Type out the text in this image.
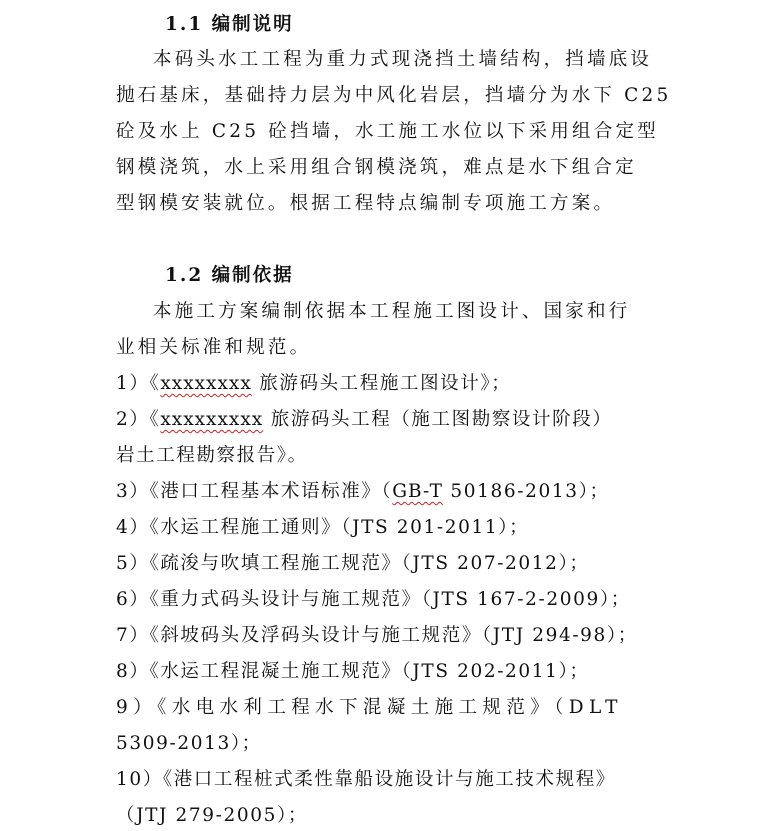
1.1 编制说明
本码头水工工程为重力式现浇挡土墙结构，挡墙底设
抛石基床，基础持力层为中风化岩层，挡墙分为水下 C25
砼及水上 C25 砼挡墙，水工施工水位以下采用组合定型
钢模浇筑，水上采用组合钢模浇筑，难点是水下组合定
型钢模安装就位。根据工程特点编制专项施工方案。
1.2 编制依据
本施工方案编制依据本工程施工图设计、国家和行
业相关标准和规范。
1）《xxxxxxxx 旅游码头工程施工图设计》；
2）《xxxxxxxxx 旅游码头工程（施工图勘察设计阶段）
岩土工程勘察报告》。
3）《港口工程基本术语标准》（GB-T 50186-2013）；
4）《水运工程施工通则》（JTS 201-2011）；
5）《疏浚与吹填工程施工规范》（JTS 207-2012）；
6）《重力式码头设计与施工规范》（JTS 167-2-2009）；
7）《斜坡码头及浮码头设计与施工规范》（JTJ 294-98）；
8）《水运工程混凝土施工规范》（JTS 202-2011）；
9）《水电水利工程水下混凝土施工规范》（DLT
5309-2013）；
10）《港口工程桩式柔性靠船设施设计与施工技术规程》
（JTJ 279-2005）；
